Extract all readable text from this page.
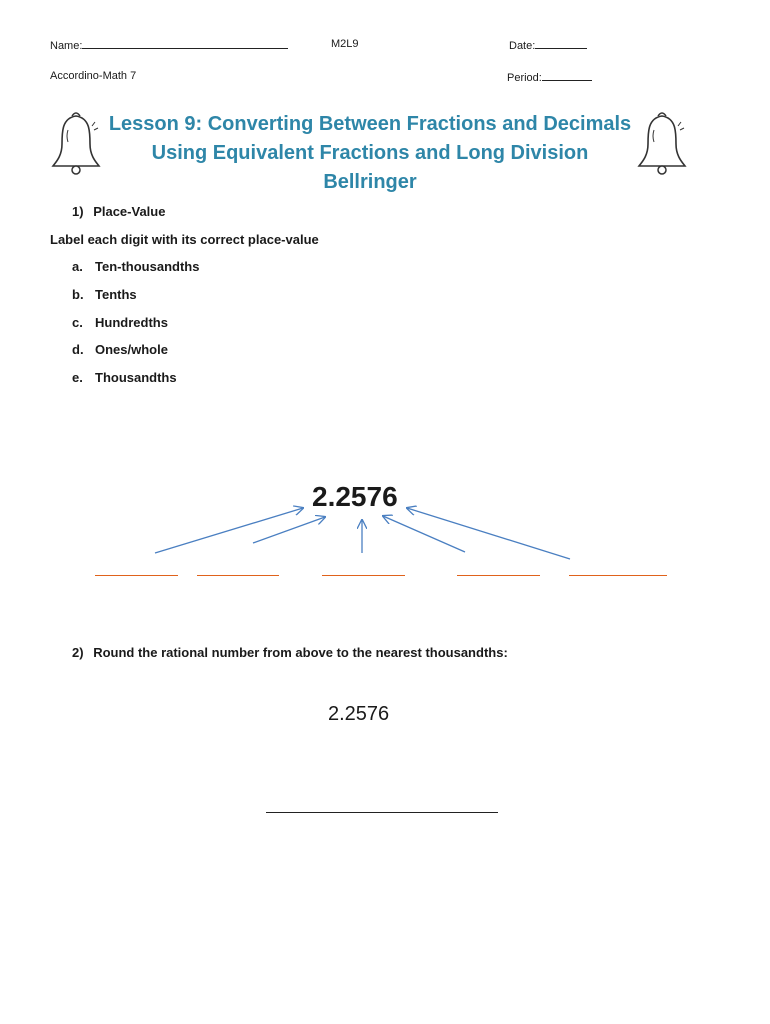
Name:	M2L9	Date:
Accordino-Math 7	Period:
Lesson 9: Converting Between Fractions and Decimals
Using Equivalent Fractions and Long Division
Bellringer
1) Place-Value
Label each digit with its correct place-value
a. Ten-thousandths
b. Tenths
c. Hundredths
d. Ones/whole
e. Thousandths
2.2576
2) Round the rational number from above to the nearest thousandths:
2.2576
